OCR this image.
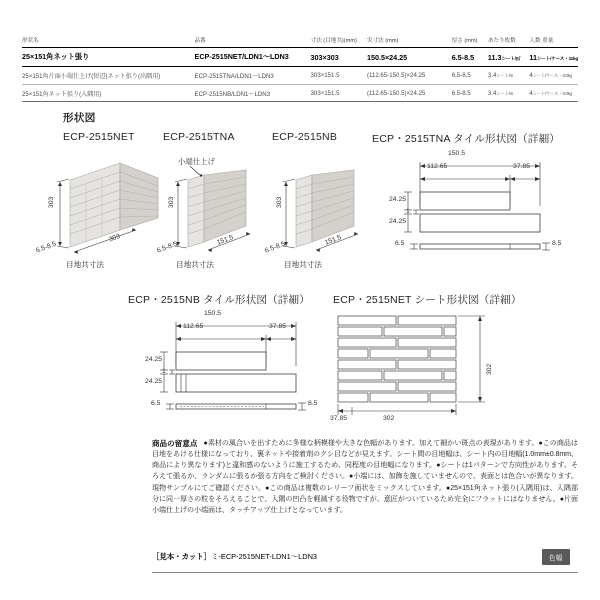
形状名	品番	寸法 (目地共)(mm)	実寸法 (mm)	厚さ (mm)	あたり枚数	入数 重量
25×151角ネット張り	ECP-2515NET/LDN1～LDN3	303×303	150.5×24.25	6.5-8.5	11.3シート/㎡	11シート/ケース・11kg
25×151角片面小端仕上げ(短辺)ネット張り(出隅用)	ECP-2515TNA/LDN1～LDN3	303×151.5	(112.65-150.5)×24.25	6.5-8.5	3.4シート/m	4シート/ケース・3.0kg
25×151角ネット張り(入隅用)	ECP-2515NB/LDN1～LDN3	303×151.5	(112.65-150.5)×24.25	6.5-8.5	3.4シート/m	4シート/ケース・3.0kg
形状図
ECP-2515NET	ECP-2515TNA	ECP-2515NB
303
303
6.5-8.5
目地共寸法
小端仕上げ
303
151.5
6.5-8.5
目地共寸法
303
151.5
6.5-8.5
目地共寸法
ECP・2515TNA タイル形状図（詳細）
150.5
112.65	37.85
24.25
1
24.25
6.5	8.5
ECP・2515NB タイル形状図（詳細）
150.5
112.65	37.85
24.25
1
24.25
6.5	8.5
ECP・2515NET シート形状図（詳細）
302
302
37.85
商品の留意点 ●素材の風合いを出すために多様な柄模様や大きな色幅があります。加えて細かい斑点の表現があります。●この商品は目地をあける仕様になっており、裏ネットや接着剤のクシ目などが見えます。シート間の目地幅は、シート内の目地幅(1.0mm±0.8mm、商品により異なります)と違和感のないように施工するため、同程度の目地幅になります。●シートは1パターンで方向性があります。そろえて張るか、ランダムに張るか張る方向をご検討ください。●小端には、加飾を施していませんので、表面とは色合いが異なります。現物サンプルにてご確認ください。●この商品は複数のレリーフ面状をミックスしています。●25×151角ネット張り(入隅用)は、入隅部分に同一厚さの粒をそろえることで、入隅の凹凸を軽減する役物ですが、意匠がついているため完全にフラットにはなりません。●片面小端仕上げの小端面は、タッチアップ仕上げとなっています。
［見本・カット］ミ-ECP-2515NET-LDN1～LDN3	色幅
